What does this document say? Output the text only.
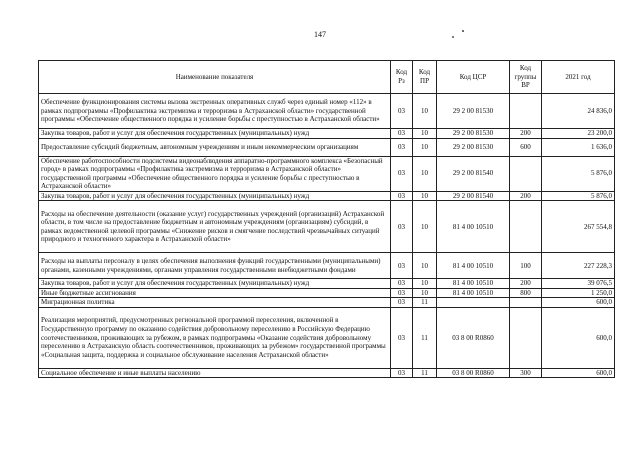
147
Наименование показателя	Код Рз	Код ПР	Код ЦСР	Код группы ВР	2021 год
Обеспечение функционирования системы вызова экстренных оперативных служб через единый номер «112» в рамках подпрограммы «Профилактика экстремизма и терроризма в Астраханской области» государственной программы «Обеспечение общественного порядка и усиление борьбы с преступностью в Астраханской области»	03	10	29 2 00 81530		24 836,0
Закупка товаров, работ и услуг для обеспечения государственных (муниципальных) нужд	03	10	29 2 00 81530	200	23 200,0
Предоставление субсидий бюджетным, автономным учреждениям и иным некоммерческим организациям	03	10	29 2 00 81530	600	1 636,0
Обеспечение работоспособности подсистемы видеонаблюдения аппаратно-программного комплекса «Безопасный город» в рамках подпрограммы «Профилактика экстремизма и терроризма в Астраханской области» государственной программы «Обеспечение общественного порядка и усиление борьбы с преступностью в Астраханской области»	03	10	29 2 00 81540		5 876,0
Закупка товаров, работ и услуг для обеспечения государственных (муниципальных) нужд	03	10	29 2 00 81540	200	5 876,0
Расходы на обеспечение деятельности (оказание услуг) государственных учреждений (организаций) Астраханской области, в том числе на предоставление бюджетным и автономным учреждениям (организациям) субсидий, в рамках ведомственной целевой программы «Снижение рисков и смягчение последствий чрезвычайных ситуаций природного и техногенного характера в Астраханской области»	03	10	81 4 00 10510		267 554,8
Расходы на выплаты персоналу в целях обеспечения выполнения функций государственными (муниципальными) органами, казенными учреждениями, органами управления государственными внебюджетными фондами	03	10	81 4 00 10510	100	227 228,3
Закупка товаров, работ и услуг для обеспечения государственных (муниципальных) нужд	03	10	81 4 00 10510	200	39 076,5
Иные бюджетные ассигнования	03	10	81 4 00 10510	800	1 250,0
Миграционная политика	03	11			600,0
Реализация мероприятий, предусмотренных региональной программой переселения, включенной в Государственную программу по оказанию содействия добровольному переселению в Российскую Федерацию соотечественников, проживающих за рубежом, в рамках подпрограммы «Оказание содействия добровольному переселению в Астраханскую область соотечественников, проживающих за рубежом» государственной программы «Социальная защита, поддержка и социальное обслуживание населения Астраханской области»	03	11	03 8 00 R0860		600,0
Социальное обеспечение и иные выплаты населению	03	11	03 8 00 R0860	300	600,0
